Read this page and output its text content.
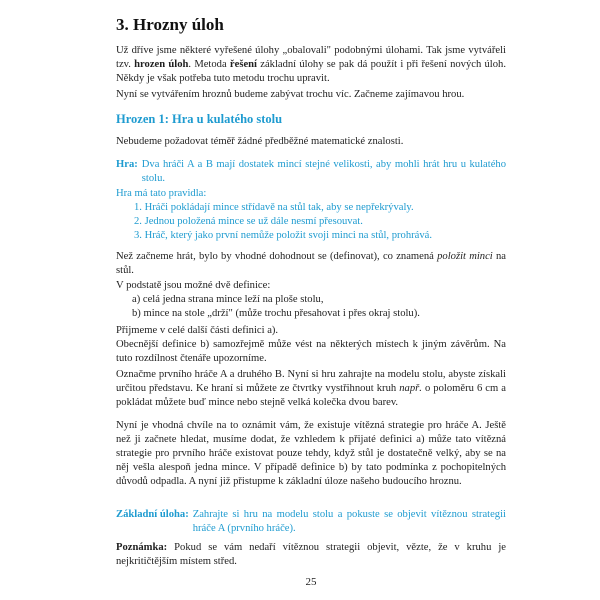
3. Hrozny úloh

Už dříve jsme některé vyřešené úlohy „obalovali" podobnými úlohami. Tak jsme vytvářeli tzv. hrozen úloh. Metoda řešení základní úlohy se pak dá použít i při řešení nových úloh. Někdy je však potřeba tuto metodu trochu upravit.

Nyní se vytvářením hroznů budeme zabývat trochu víc. Začneme zajímavou hrou.

Hrozen 1: Hra u kulatého stolu

Nebudeme požadovat téměř žádné předběžné matematické znalosti.

Hra: Dva hráči A a B mají dostatek mincí stejné velikosti, aby mohli hrát hru u kulatého stolu.
Hra má tato pravidla:
1. Hráči pokládají mince střídavě na stůl tak, aby se nepřekrývaly.
2. Jednou položená mince se už dále nesmí přesouvat.
3. Hráč, který jako první nemůže položit svoji minci na stůl, prohrává.

Než začneme hrát, bylo by vhodné dohodnout se (definovat), co znamená položit minci na stůl.

V podstatě jsou možné dvě definice:
a) celá jedna strana mince leží na ploše stolu,
b) mince na stole „drží" (může trochu přesahovat i přes okraj stolu).
Přijmeme v celé další části definici a).
Obecnější definice b) samozřejmě může vést na některých místech k jiným závěrům. Na tuto rozdílnost čtenáře upozorníme.

Označme prvního hráče A a druhého B. Nyní si hru zahrajte na modelu stolu, abyste získali určitou představu. Ke hraní si můžete ze čtvrtky vystřihnout kruh např. o poloměru 6 cm a pokládat můžete buď mince nebo stejně velká kolečka dvou barev.

Nyní je vhodná chvíle na to oznámit vám, že existuje vítězná strategie pro hráče A. Ještě než ji začnete hledat, musíme dodat, že vzhledem k přijaté definici a) může tato vítězná strategie pro prvního hráče existovat pouze tehdy, když stůl je dostatečně velký, aby se na něj vešla alespoň jedna mince. V případě definice b) by tato podmínka z pochopitelných důvodů odpadla. A nyní již přistupme k základní úloze našeho budoucího hroznu.

Základní úloha: Zahrajte si hru na modelu stolu a pokuste se objevit vítěznou strategii hráče A (prvního hráče).

Poznámka: Pokud se vám nedaří vítěznou strategii objevit, vězte, že v kruhu je nejkritičtějším místem střed.

25
